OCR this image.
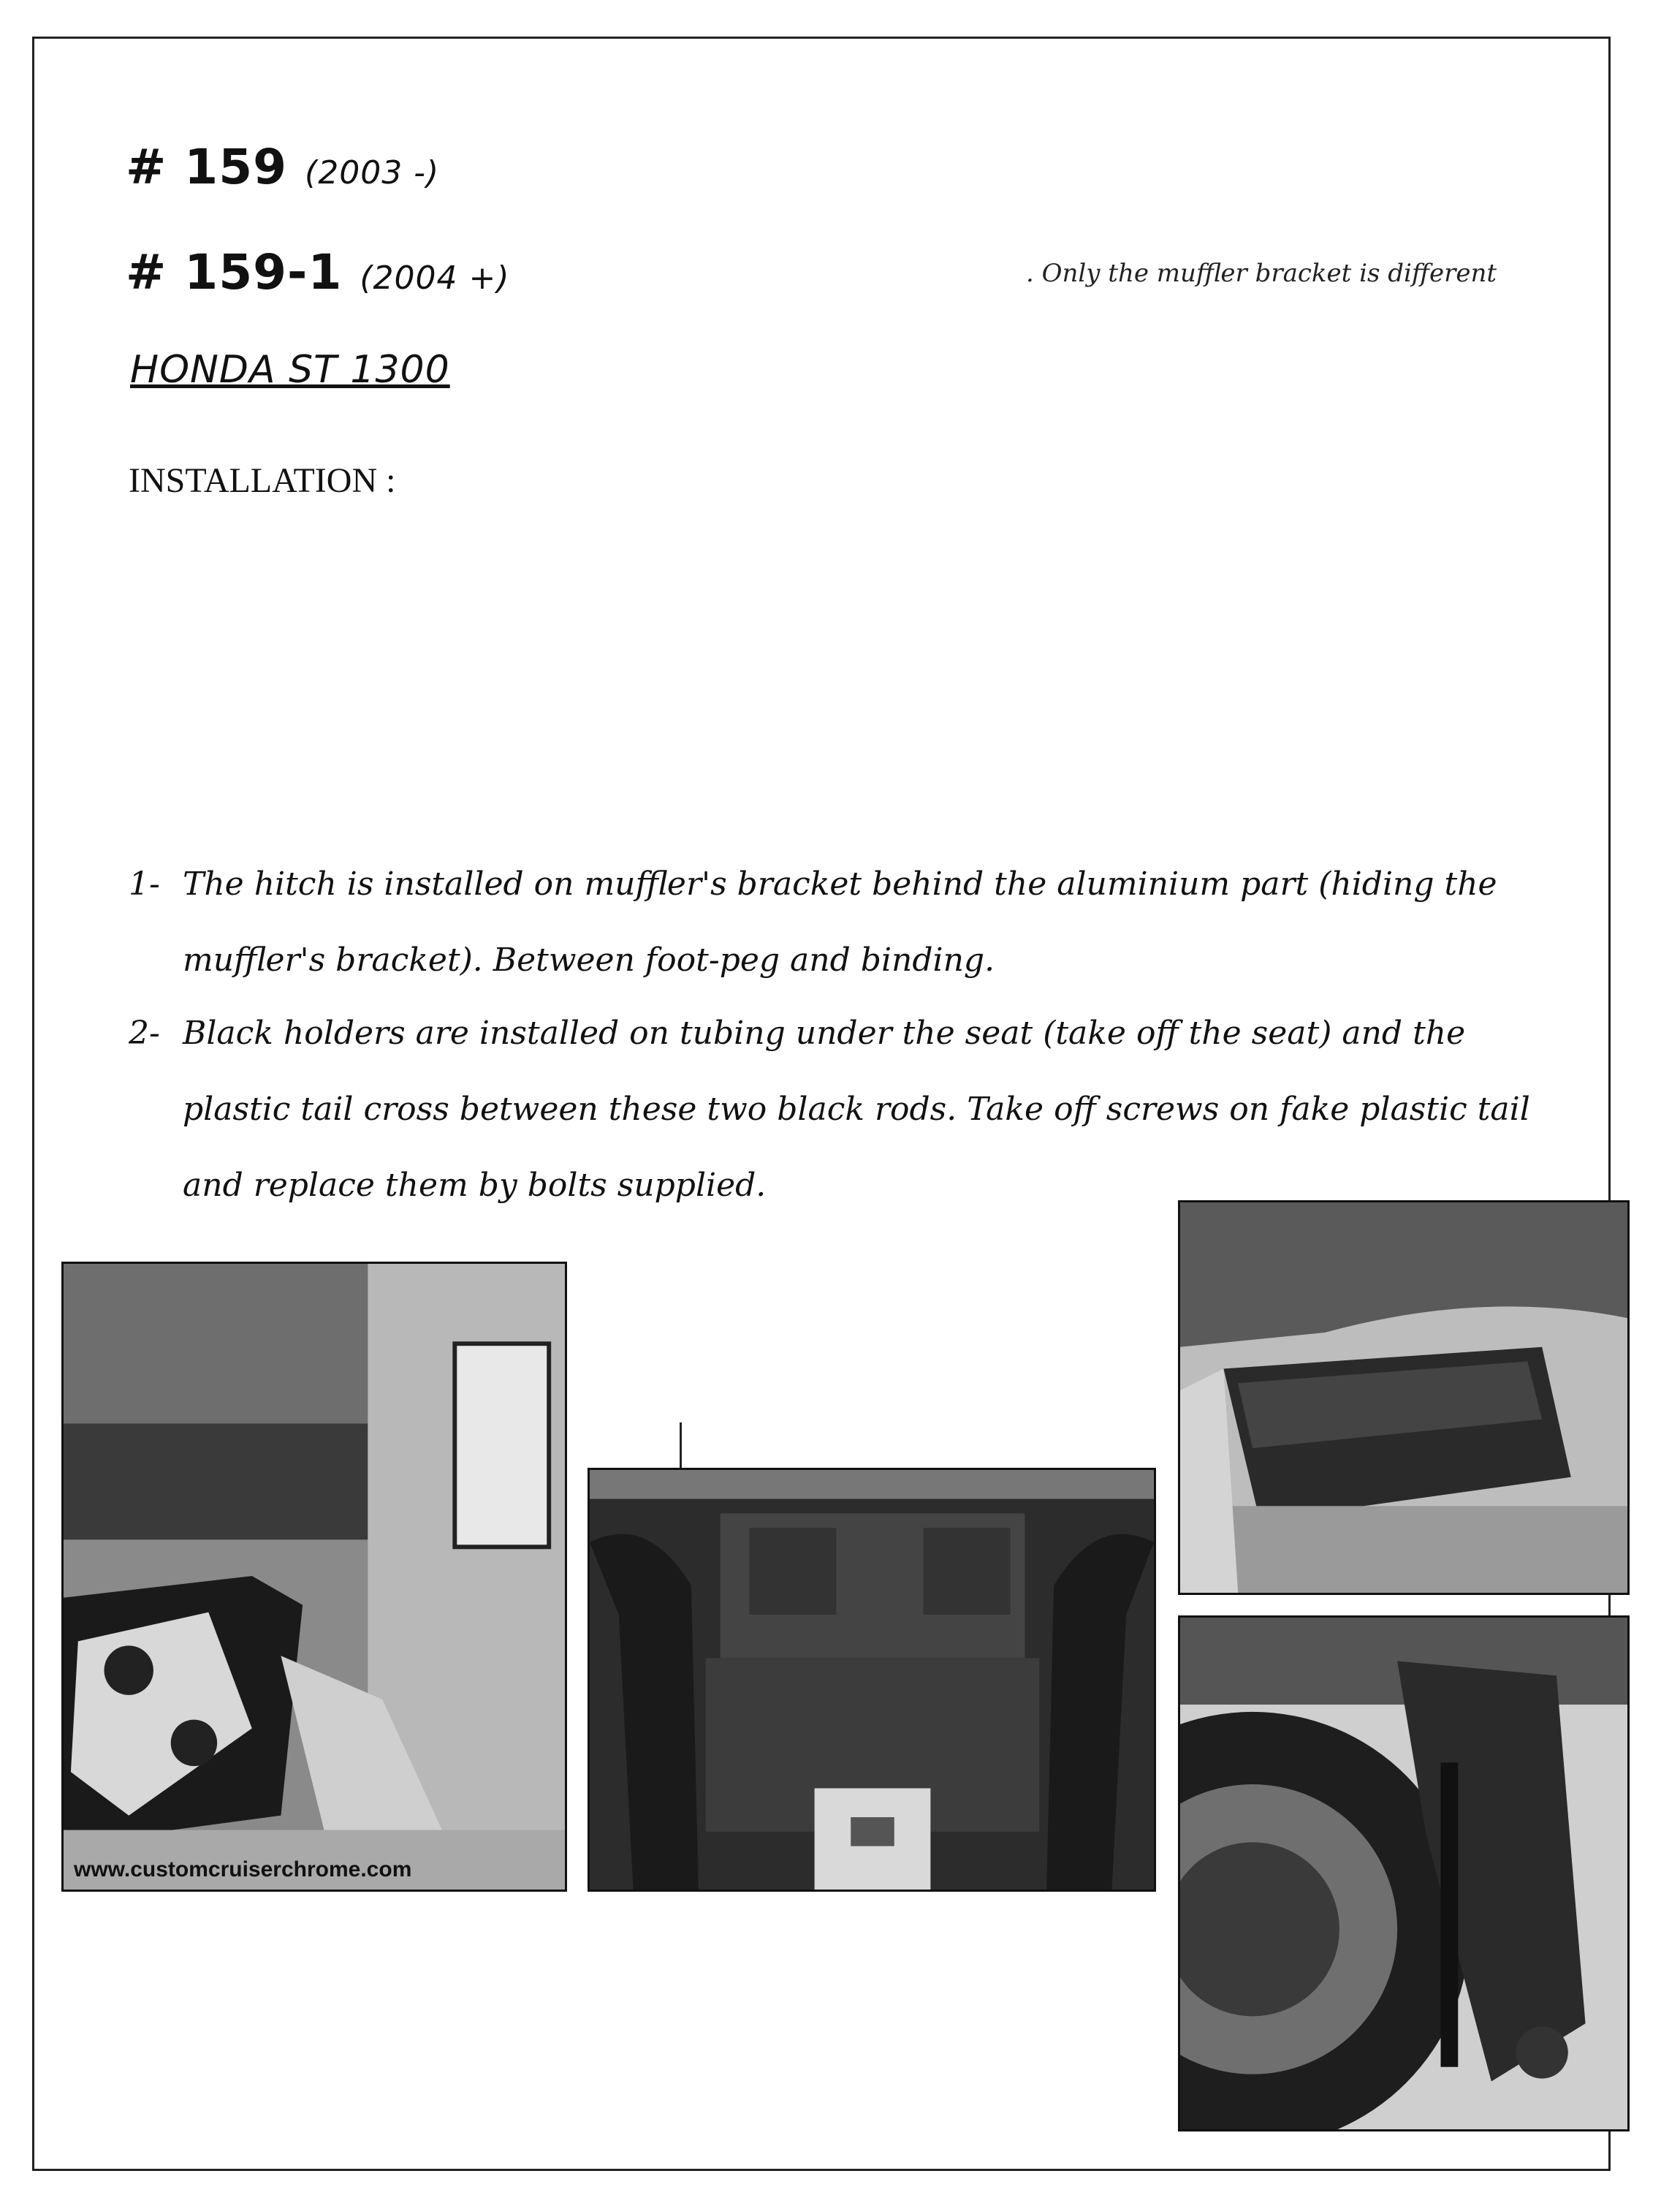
# 159 (2003 -)
# 159-1 (2004 +)	. Only the muffler bracket is different
HONDA ST 1300
INSTALLATION :
1- The hitch is installed on muffler's bracket behind the aluminium part (hiding the muffler's bracket). Between foot-peg and binding.
2- Black holders are installed on tubing under the seat (take off the seat) and the plastic tail cross between these two black rods. Take off screws on fake plastic tail and replace them by bolts supplied.
www.customcruiserchrome.com
